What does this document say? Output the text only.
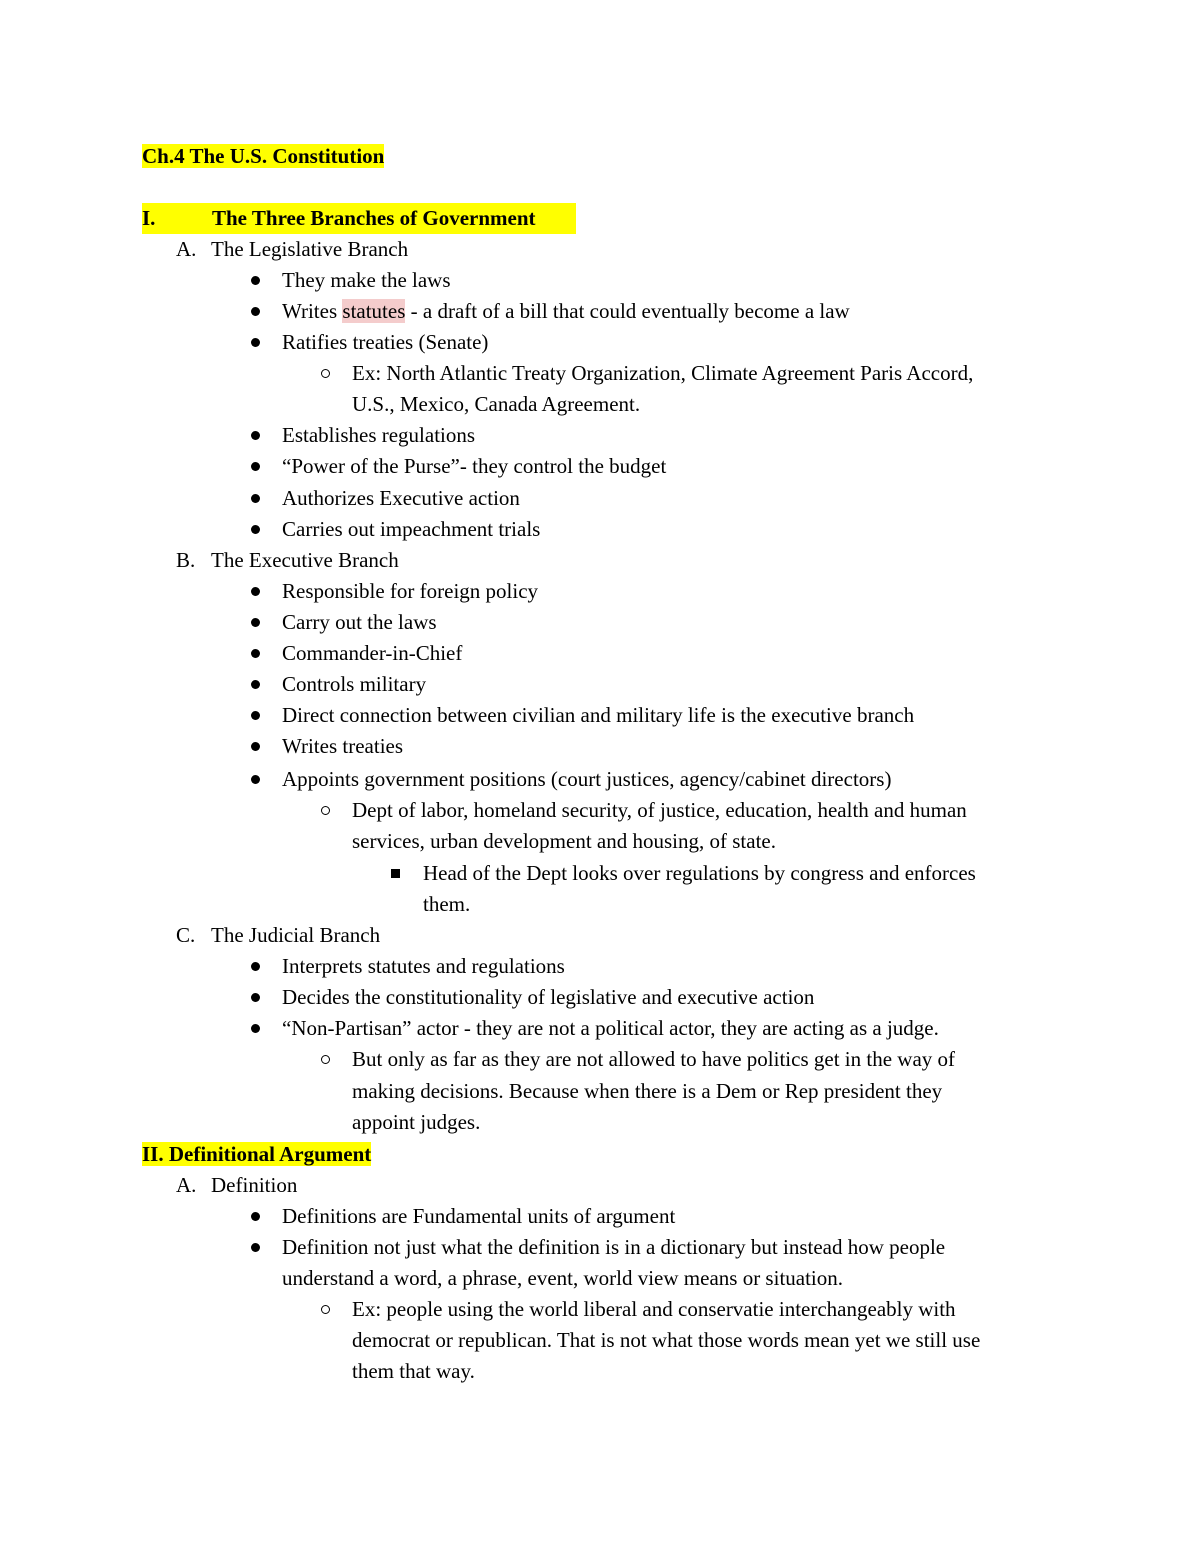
Ch.4 The U.S. Constitution
I.	The Three Branches of Government
A. The Legislative Branch
They make the laws
Writes statutes - a draft of a bill that could eventually become a law
Ratifies treaties (Senate)
Ex: North Atlantic Treaty Organization, Climate Agreement Paris Accord,
U.S., Mexico, Canada Agreement.
Establishes regulations
“Power of the Purse”- they control the budget
Authorizes Executive action
Carries out impeachment trials
B. The Executive Branch
Responsible for foreign policy
Carry out the laws
Commander-in-Chief
Controls military
Direct connection between civilian and military life is the executive branch
Writes treaties
Appoints government positions (court justices, agency/cabinet directors)
Dept of labor, homeland security, of justice, education, health and human
services, urban development and housing, of state.
Head of the Dept looks over regulations by congress and enforces
them.
C. The Judicial Branch
Interprets statutes and regulations
Decides the constitutionality of legislative and executive action
“Non-Partisan” actor - they are not a political actor, they are acting as a judge.
But only as far as they are not allowed to have politics get in the way of
making decisions. Because when there is a Dem or Rep president they
appoint judges.
II. Definitional Argument
A. Definition
Definitions are Fundamental units of argument
Definition not just what the definition is in a dictionary but instead how people
understand a word, a phrase, event, world view means or situation.
Ex: people using the world liberal and conservatie interchangeably with
democrat or republican. That is not what those words mean yet we still use
them that way.
